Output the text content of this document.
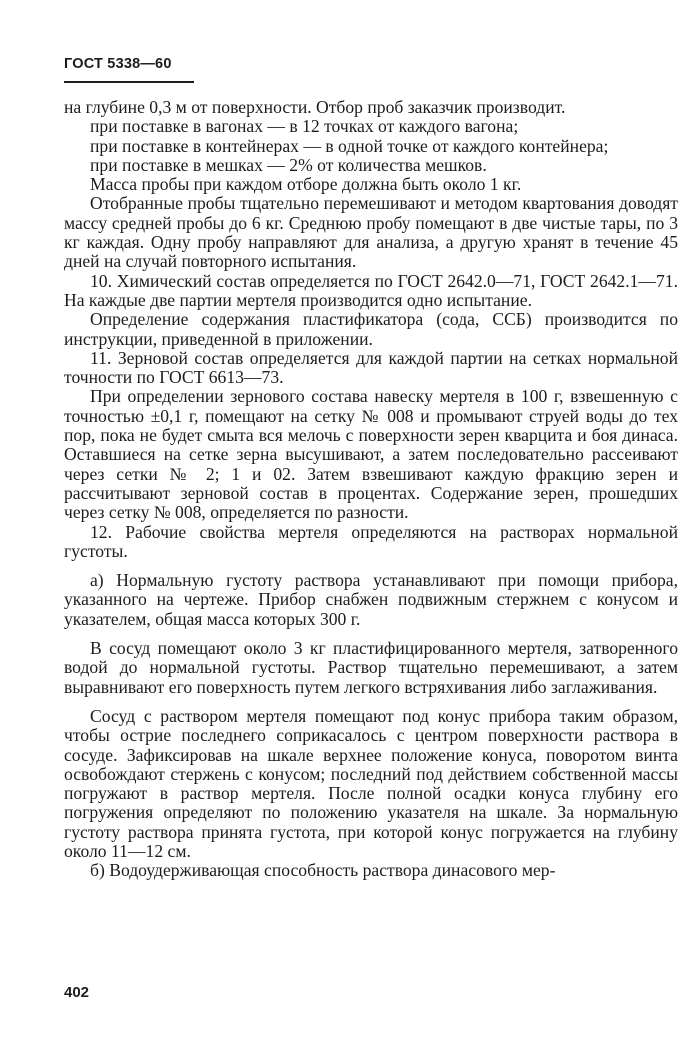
ГОСТ 5338—60

на глубине 0,3 м от поверхности. Отбор проб заказчик производит.

при поставке в вагонах — в 12 точках от каждого вагона;

при поставке в контейнерах — в одной точке от каждого контейнера;

при поставке в мешках — 2% от количества мешков.

Масса пробы при каждом отборе должна быть около 1 кг.

Отобранные пробы тщательно перемешивают и методом квартования доводят массу средней пробы до 6 кг. Среднюю пробу помещают в две чистые тары, по 3 кг каждая. Одну пробу направляют для анализа, а другую хранят в течение 45 дней на случай повторного испытания.

10. Химический состав определяется по ГОСТ 2642.0—71, ГОСТ 2642.1—71. На каждые две партии мертеля производится одно испытание.

Определение содержания пластификатора (сода, ССБ) производится по инструкции, приведенной в приложении.

11. Зерновой состав определяется для каждой партии на сетках нормальной точности по ГОСТ 6613—73.

При определении зернового состава навеску мертеля в 100 г, взвешенную с точностью ±0,1 г, помещают на сетку № 008 и промывают струей воды до тех пор, пока не будет смыта вся мелочь с поверхности зерен кварцита и боя динаса. Оставшиеся на сетке зерна высушивают, а затем последовательно рассеивают через сетки № 2; 1 и 02. Затем взвешивают каждую фракцию зерен и рассчитывают зерновой состав в процентах. Содержание зерен, прошедших через сетку № 008, определяется по разности.

12. Рабочие свойства мертеля определяются на растворах нормальной густоты.

а) Нормальную густоту раствора устанавливают при помощи прибора, указанного на чертеже. Прибор снабжен подвижным стержнем с конусом и указателем, общая масса которых 300 г.

В сосуд помещают около 3 кг пластифицированного мертеля, затворенного водой до нормальной густоты. Раствор тщательно перемешивают, а затем выравнивают его поверхность путем легкого встряхивания либо заглаживания.

Сосуд с раствором мертеля помещают под конус прибора таким образом, чтобы острие последнего соприкасалось с центром поверхности раствора в сосуде. Зафиксировав на шкале верхнее положение конуса, поворотом винта освобождают стержень с конусом; последний под действием собственной массы погружают в раствор мертеля. После полной осадки конуса глубину его погружения определяют по положению указателя на шкале. За нормальную густоту раствора принята густота, при которой конус погружается на глубину около 11—12 см.

б) Водоудерживающая способность раствора динасового мер-

402
